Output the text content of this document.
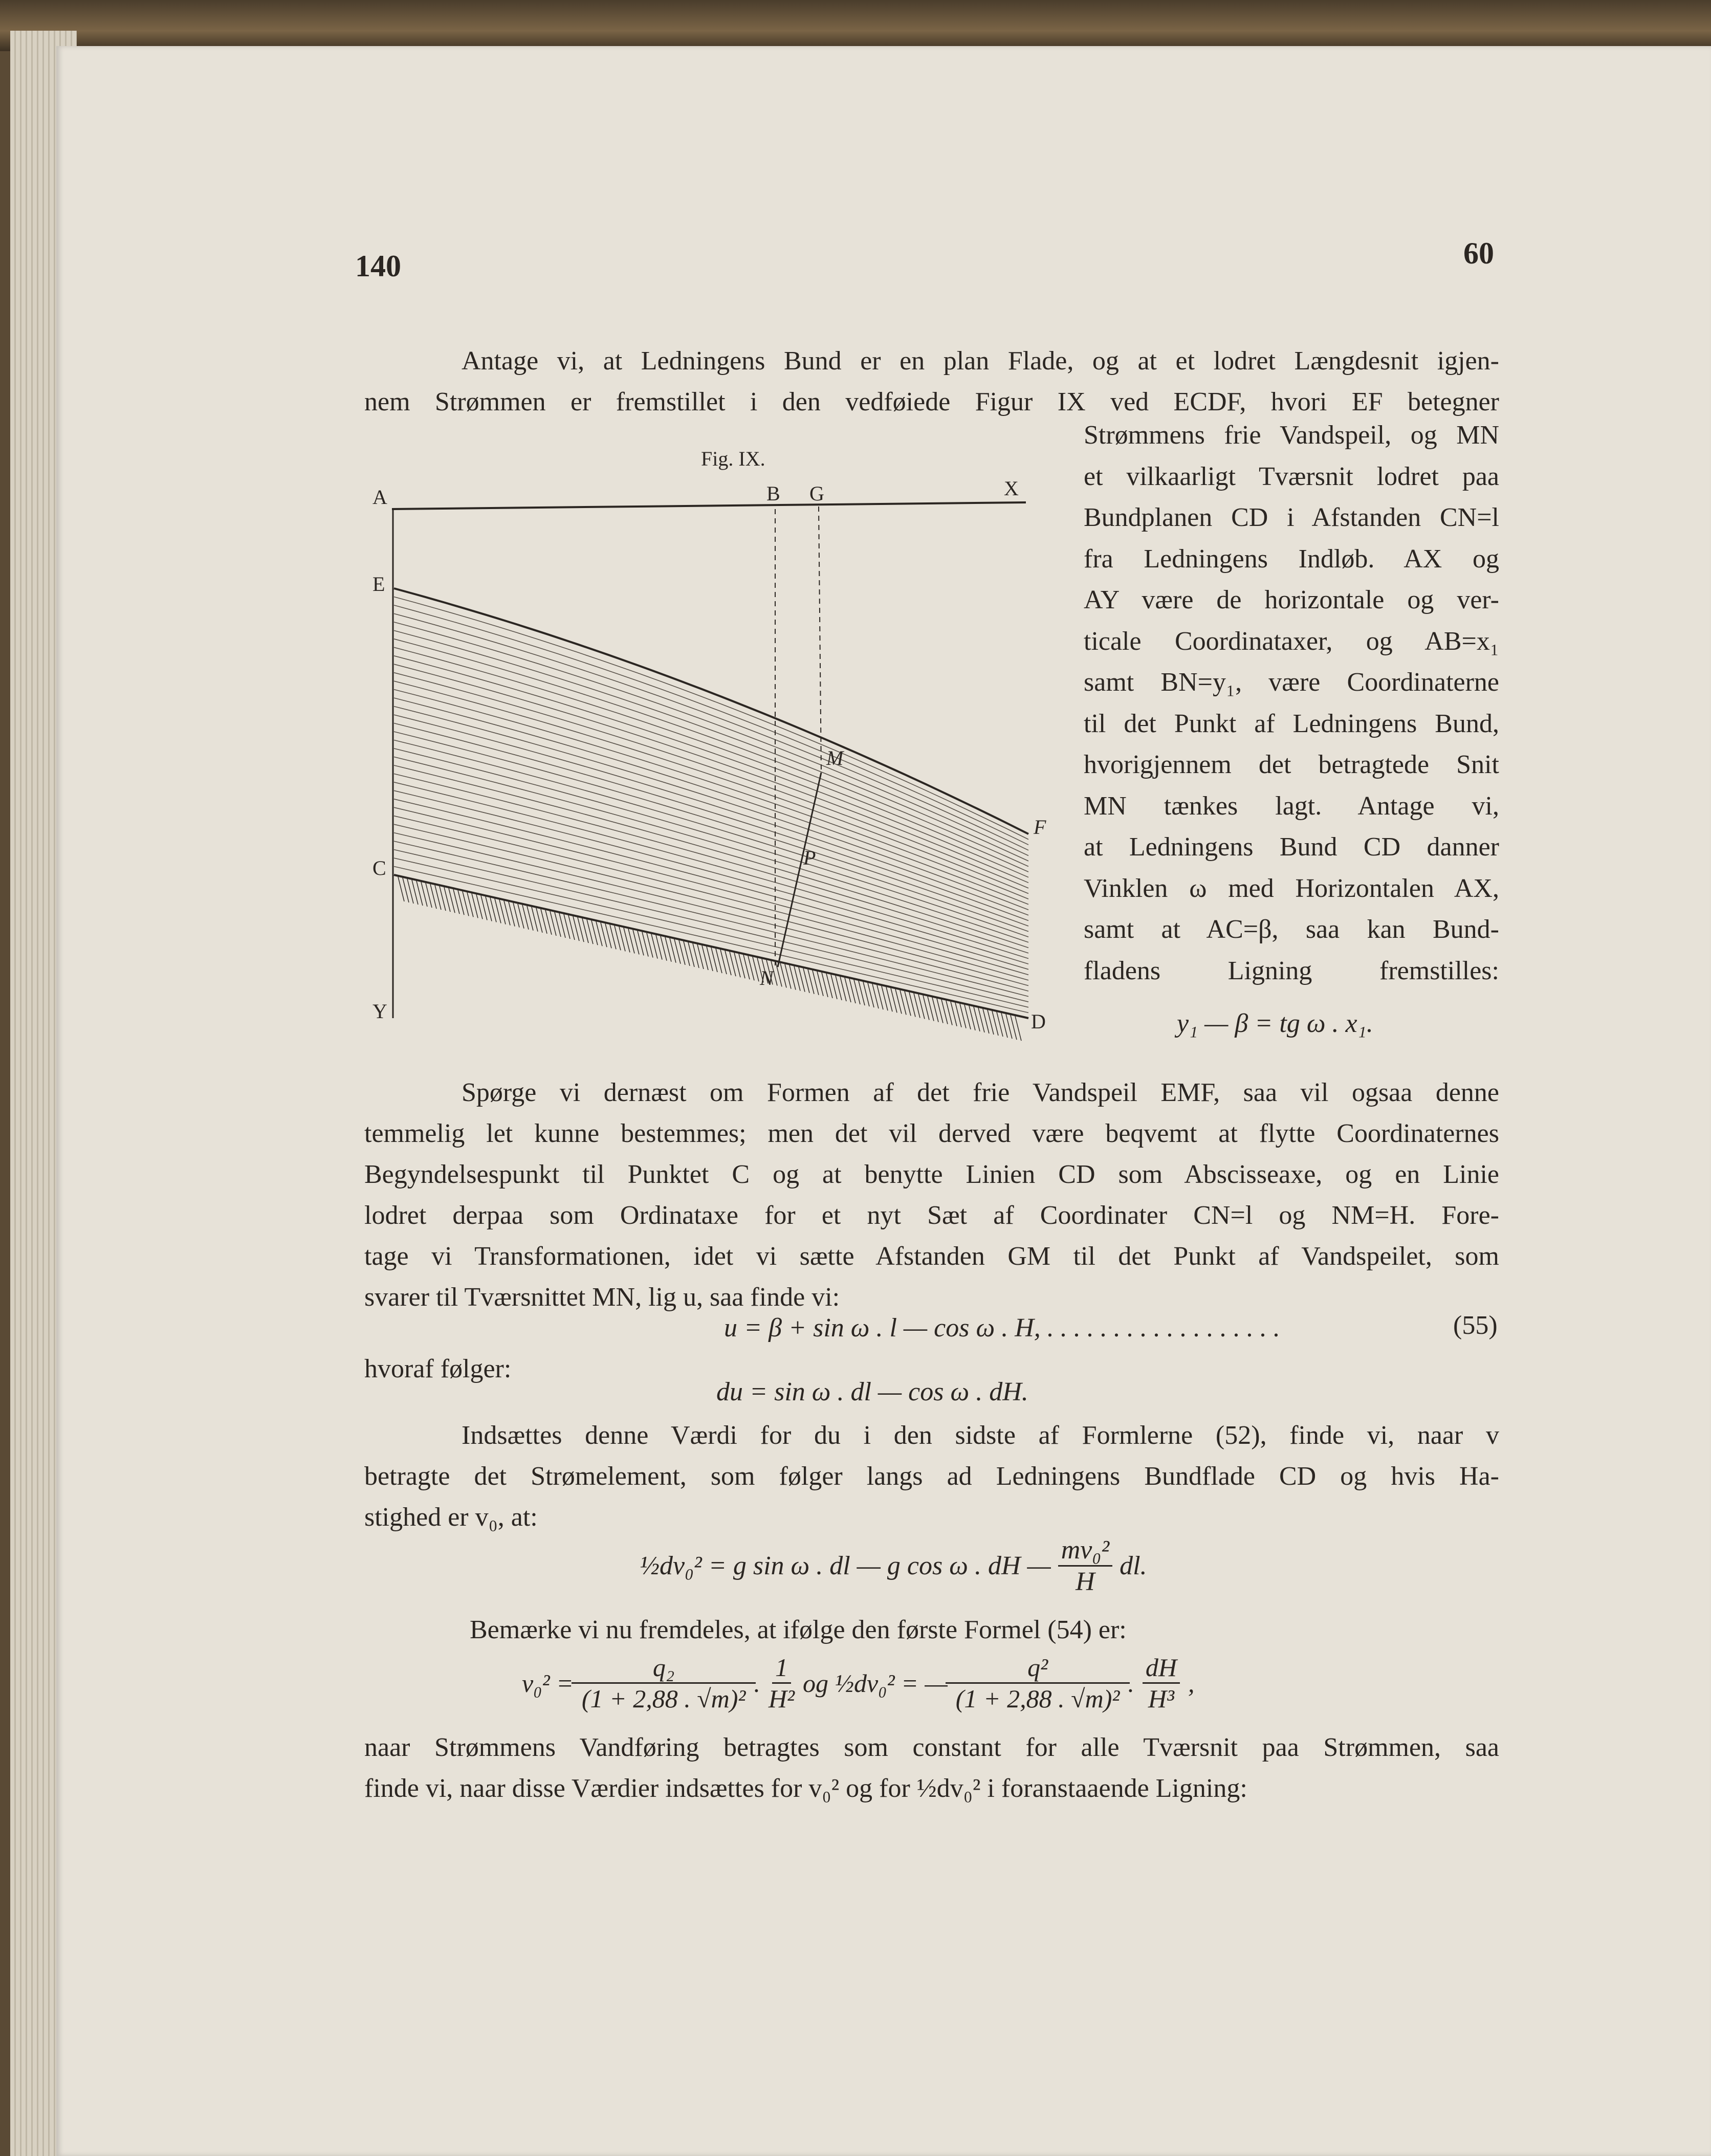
140	60
Antage vi, at Ledningens Bund er en plan Flade, og at et lodret Længdesnit igjen-
nem Strømmen er fremstillet i den vedføiede Figur IX ved ECDF, hvori EF betegner
Strømmens frie Vandspeil, og MN
et vilkaarligt Tværsnit lodret paa
Bundplanen CD i Afstanden CN=l
fra Ledningens Indløb. AX og
AY være de horizontale og ver-
ticale Coordinataxer, og AB=x₁
samt BN=y₁, være Coordinaterne
til det Punkt af Ledningens Bund,
hvorigjennem det betragtede Snit
MN tænkes lagt. Antage vi,
at Ledningens Bund CD danner
Vinklen ω med Horizontalen AX,
samt at AC=β, saa kan Bund-
fladens Ligning fremstilles:
y₁ — β = tg ω . x₁.
Fig. IX.
A	B G	X
E
C
Y
M
P
N
F
D
Spørge vi dernæst om Formen af det frie Vandspeil EMF, saa vil ogsaa denne
temmelig let kunne bestemmes; men det vil derved være beqvemt at flytte Coordinaternes
Begyndelsespunkt til Punktet C og at benytte Linien CD som Abscisseaxe, og en Linie
lodret derpaa som Ordinataxe for et nyt Sæt af Coordinater CN=l og NM=H. Fore-
tage vi Transformationen, idet vi sætte Afstanden GM til det Punkt af Vandspeilet, som
svarer til Tværsnittet MN, lig u, saa finde vi:
u = β + sin ω . l — cos ω . H, . . . . . . . . . . . . . . . . . .	(55)
hvoraf følger:
du = sin ω . dl — cos ω . dH.
Indsættes denne Værdi for du i den sidste af Formlerne (52), finde vi, naar v
betragte det Strømelement, som følger langs ad Ledningens Bundflade CD og hvis Ha-
stighed er v₀, at:
½dv₀² = g sin ω . dl — g cos ω . dH — $\frac{\text{mv₀²}}{H}$ dl.
Bemærke vi nu fremdeles, at ifølge den første Formel (54) er:
$v_0^2 = \frac{\text{q₂}}{\text{(1 + 2,88 . √m)²}}$ . $\frac{1}{\text{H²}}$ og ½dv₀² = — $\frac{\text{q²}}{\text{(1 + 2,88 . √m)²}}$ . $\frac{dH}{\text{H³}}$ ,
naar Strømmens Vandføring betragtes som constant for alle Tværsnit paa Strømmen, saa
finde vi, naar disse Værdier indsættes for v₀² og for ½dv₀² i foranstaaende Ligning:
